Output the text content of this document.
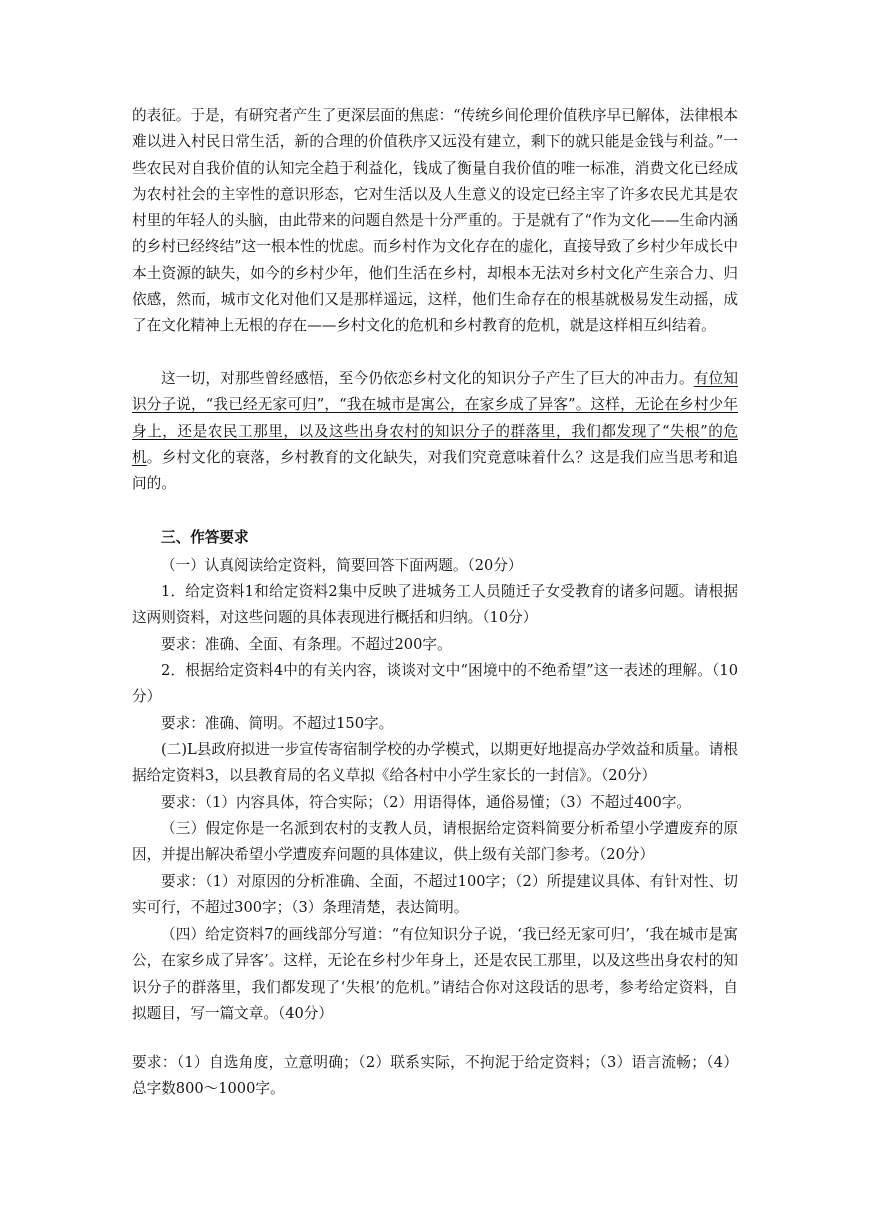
的表征。于是，有研究者产生了更深层面的焦虑：“传统乡间伦理价值秩序早已解体，法律根本难以进入村民日常生活，新的合理的价值秩序又远没有建立，剩下的就只能是金钱与利益。”一些农民对自我价值的认知完全趋于利益化，钱成了衡量自我价值的唯一标准，消费文化已经成为农村社会的主宰性的意识形态，它对生活以及人生意义的设定已经主宰了许多农民尤其是农村里的年轻人的头脑，由此带来的问题自然是十分严重的。于是就有了“作为文化——生命内涵的乡村已经终结”这一根本性的忧虑。而乡村作为文化存在的虚化，直接导致了乡村少年成长中本土资源的缺失，如今的乡村少年，他们生活在乡村，却根本无法对乡村文化产生亲合力、归依感，然而，城市文化对他们又是那样遥远，这样，他们生命存在的根基就极易发生动摇，成了在文化精神上无根的存在——乡村文化的危机和乡村教育的危机，就是这样相互纠结着。

这一切，对那些曾经感悟，至今仍依恋乡村文化的知识分子产生了巨大的冲击力。有位知识分子说，“我已经无家可归”，“我在城市是寓公，在家乡成了异客”。这样，无论在乡村少年身上，还是农民工那里，以及这些出身农村的知识分子的群落里，我们都发现了“失根”的危机。乡村文化的衰落，乡村教育的文化缺失，对我们究竟意味着什么？这是我们应当思考和追问的。

三、作答要求

（一）认真阅读给定资料，简要回答下面两题。（20分）

1．给定资料1和给定资料2集中反映了进城务工人员随迁子女受教育的诸多问题。请根据这两则资料，对这些问题的具体表现进行概括和归纳。（10分）

要求：准确、全面、有条理。不超过200字。

2．根据给定资料4中的有关内容，谈谈对文中“困境中的不绝希望”这一表述的理解。（10分）

要求：准确、简明。不超过150字。

(二)L县政府拟进一步宣传寄宿制学校的办学模式，以期更好地提高办学效益和质量。请根据给定资料3，以县教育局的名义草拟《给各村中小学生家长的一封信》。（20分）

要求：（1）内容具体，符合实际；（2）用语得体，通俗易懂；（3）不超过400字。

（三）假定你是一名派到农村的支教人员，请根据给定资料简要分析希望小学遭废弃的原因，并提出解决希望小学遭废弃问题的具体建议，供上级有关部门参考。（20分）

要求：（1）对原因的分析准确、全面，不超过100字；（2）所提建议具体、有针对性、切实可行，不超过300字；（3）条理清楚，表达简明。

（四）给定资料7的画线部分写道：“有位知识分子说，‘我已经无家可归’，‘我在城市是寓公，在家乡成了异客’。这样，无论在乡村少年身上，还是农民工那里，以及这些出身农村的知识分子的群落里，我们都发现了‘失根’的危机。”请结合你对这段话的思考，参考给定资料，自拟题目，写一篇文章。（40分）

要求：（1）自选角度，立意明确；（2）联系实际，不拘泥于给定资料；（3）语言流畅；（4）总字数800～1000字。
